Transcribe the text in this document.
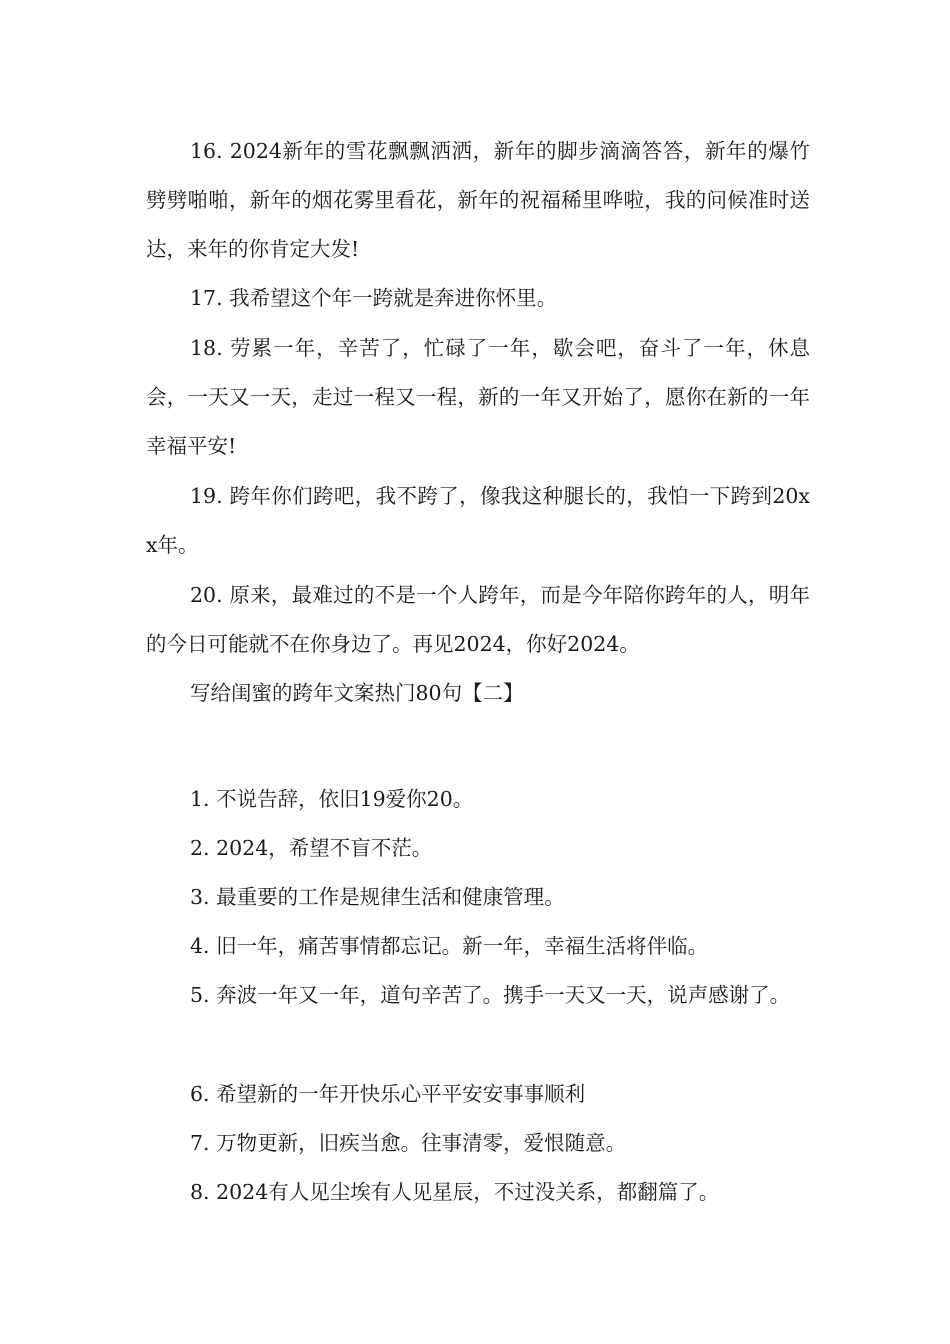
16. 2024新年的雪花飘飘洒洒，新年的脚步滴滴答答，新年的爆竹劈劈啪啪，新年的烟花雾里看花，新年的祝福稀里哗啦，我的问候准时送达，来年的你肯定大发!

17. 我希望这个年一跨就是奔进你怀里。

18. 劳累一年，辛苦了，忙碌了一年，歇会吧，奋斗了一年，休息会，一天又一天，走过一程又一程，新的一年又开始了，愿你在新的一年幸福平安!

19. 跨年你们跨吧，我不跨了，像我这种腿长的，我怕一下跨到20xx年。

20. 原来，最难过的不是一个人跨年，而是今年陪你跨年的人，明年的今日可能就不在你身边了。再见2024，你好2024。

写给闺蜜的跨年文案热门80句【二】

1. 不说告辞，依旧19爱你20。

2. 2024，希望不盲不茫。

3. 最重要的工作是规律生活和健康管理。

4. 旧一年，痛苦事情都忘记。新一年，幸福生活将伴临。

5. 奔波一年又一年，道句辛苦了。携手一天又一天，说声感谢了。

6. 希望新的一年开快乐心平平安安事事顺利

7. 万物更新，旧疾当愈。往事清零，爱恨随意。

8. 2024有人见尘埃有人见星辰，不过没关系，都翻篇了。
